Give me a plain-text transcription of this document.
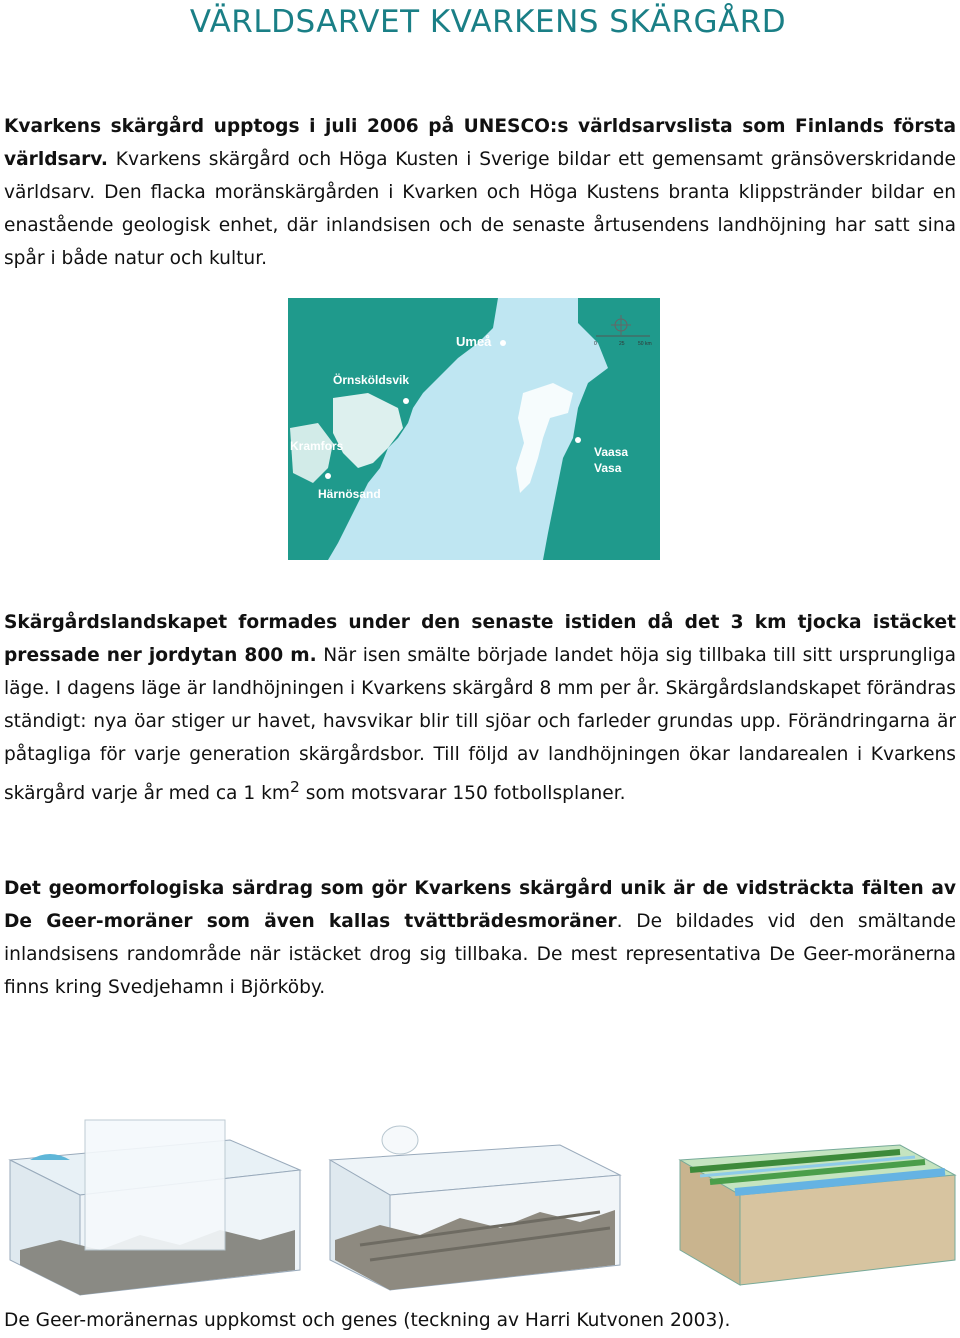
VÄRLDSARVET KVARKENS SKÄRGÅRD

Kvarkens skärgård upptogs i juli 2006 på UNESCO:s världsarvslista som Finlands första världsarv. Kvarkens skärgård och Höga Kusten i Sverige bildar ett gemensamt gränsöverskridande världsarv. Den flacka moränskärgården i Kvarken och Höga Kustens branta klippstränder bildar en enastående geologisk enhet, där inlandsisen och de senaste årtusendens landhöjning har satt sina spår i både natur och kultur.

Umeå
Örnsköldsvik
Kramfors
Härnösand
Vaasa
Vasa
0	25	50 km

Skärgårdslandskapet formades under den senaste istiden då det 3 km tjocka istäcket pressade ner jordytan 800 m. När isen smälte började landet höja sig tillbaka till sitt ursprungliga läge. I dagens läge är landhöjningen i Kvarkens skärgård 8 mm per år. Skärgårdslandskapet förändras ständigt: nya öar stiger ur havet, havsvikar blir till sjöar och farleder grundas upp. Förändringarna är påtagliga för varje generation skärgårdsbor. Till följd av landhöjningen ökar landarealen i Kvarkens skärgård varje år med ca 1 $km^2$ som motsvarar 150 fotbollsplaner.

Det geomorfologiska särdrag som gör Kvarkens skärgård unik är de vidsträckta fälten av De Geer-moräner som även kallas tvättbrädesmoräner. De bildades vid den smältande inlandsisens randområde när istäcket drog sig tillbaka. De mest representativa De Geer-moränerna finns kring Svedjehamn i Björköby.

De Geer-moränernas uppkomst och genes (teckning av Harri Kutvonen 2003).
